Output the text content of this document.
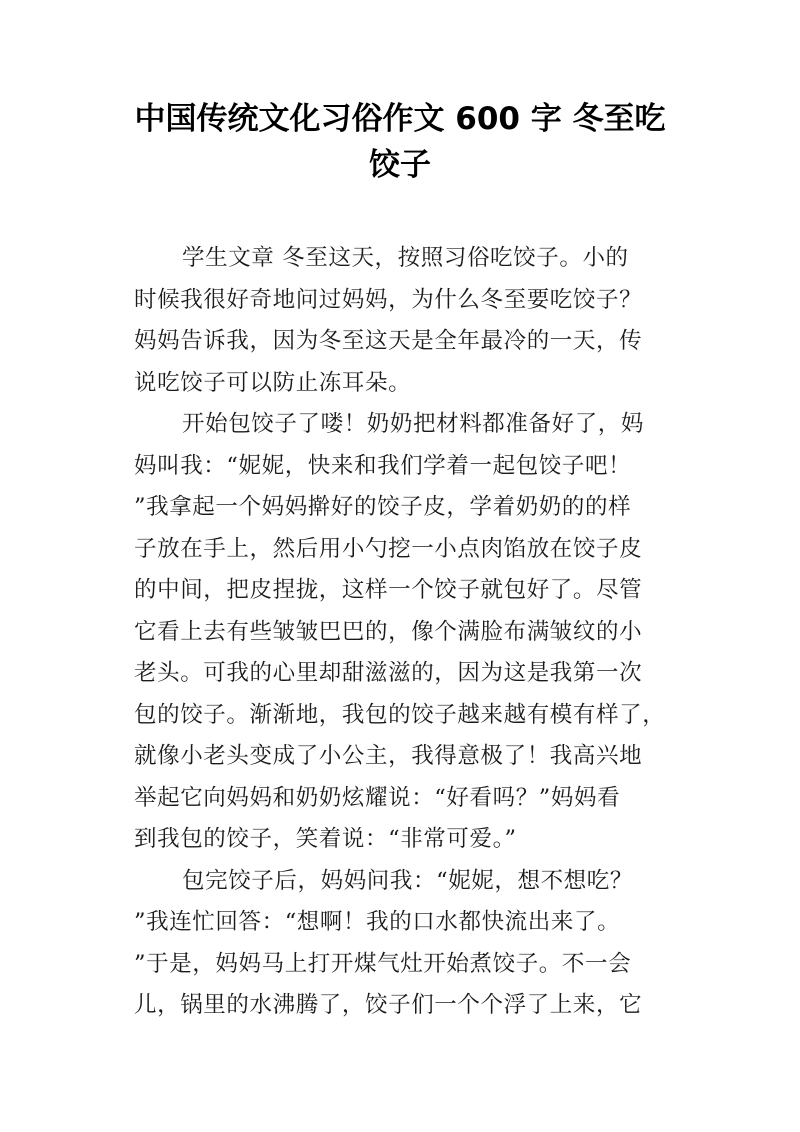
中国传统文化习俗作文 600 字 冬至吃
饺子
学生文章 冬至这天，按照习俗吃饺子。小的
时候我很好奇地问过妈妈，为什么冬至要吃饺子？
妈妈告诉我，因为冬至这天是全年最冷的一天，传
说吃饺子可以防止冻耳朵。
开始包饺子了喽！奶奶把材料都准备好了，妈
妈叫我：“妮妮，快来和我们学着一起包饺子吧！
”我拿起一个妈妈擀好的饺子皮，学着奶奶的的样
子放在手上，然后用小勺挖一小点肉馅放在饺子皮
的中间，把皮捏拢，这样一个饺子就包好了。尽管
它看上去有些皱皱巴巴的，像个满脸布满皱纹的小
老头。可我的心里却甜滋滋的，因为这是我第一次
包的饺子。渐渐地，我包的饺子越来越有模有样了，
就像小老头变成了小公主，我得意极了！我高兴地
举起它向妈妈和奶奶炫耀说：“好看吗？”妈妈看
到我包的饺子，笑着说：“非常可爱。”
包完饺子后，妈妈问我：“妮妮，想不想吃？
”我连忙回答：“想啊！我的口水都快流出来了。
”于是，妈妈马上打开煤气灶开始煮饺子。不一会
儿，锅里的水沸腾了，饺子们一个个浮了上来，它
